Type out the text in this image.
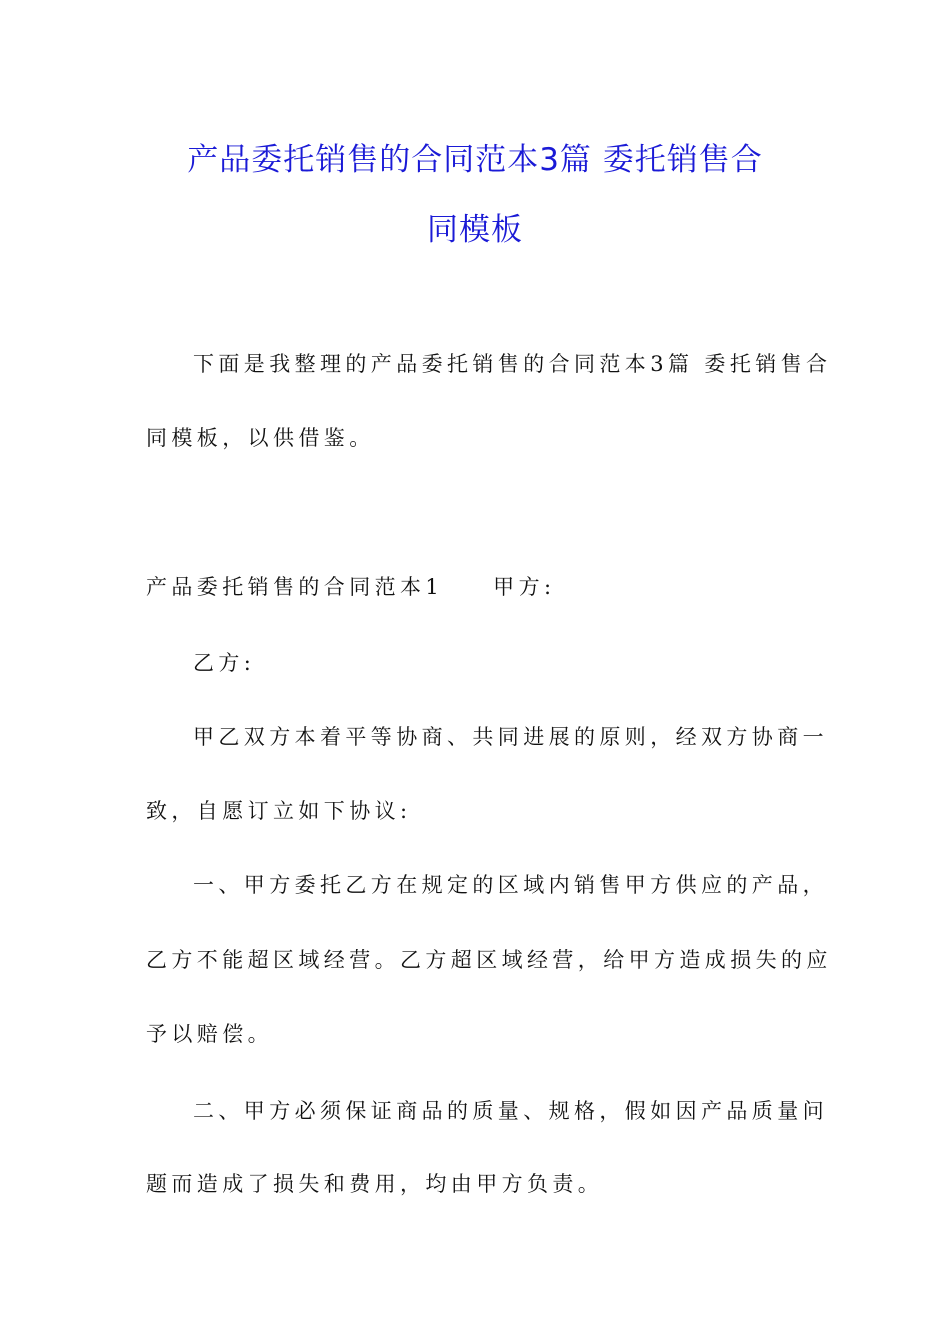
产品委托销售的合同范本3篇 委托销售合
同模板
下面是我整理的产品委托销售的合同范本3篇 委托销售合
同模板，以供借鉴。
产品委托销售的合同范本1 甲方:
乙方:
甲乙双方本着平等协商、共同进展的原则，经双方协商一
致，自愿订立如下协议:
一、甲方委托乙方在规定的区域内销售甲方供应的产品，
乙方不能超区域经营。乙方超区域经营，给甲方造成损失的应
予以赔偿。
二、甲方必须保证商品的质量、规格，假如因产品质量问
题而造成了损失和费用，均由甲方负责。
